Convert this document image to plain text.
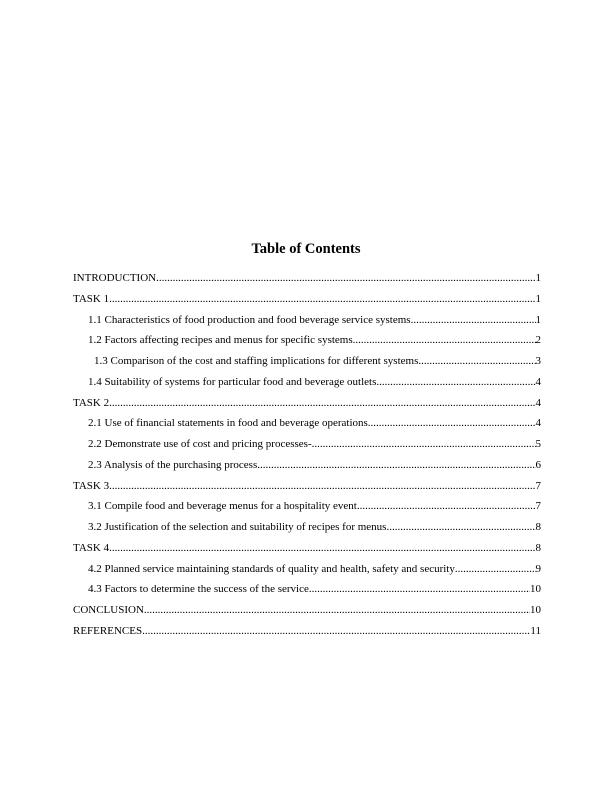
Table of Contents
INTRODUCTION .....	1
TASK 1 .....	1
1.1 Characteristics of food production and food beverage service systems .....	1
1.2 Factors affecting recipes and menus for specific systems .....	2
1.3 Comparison of the cost and staffing implications for different systems .....	3
1.4 Suitability of systems for particular food and beverage outlets .....	4
TASK 2 .....	4
2.1 Use of financial statements in food and beverage operations .....	4
2.2 Demonstrate use of cost and pricing processes- .....	5
2.3 Analysis of the purchasing process .....	6
TASK 3 .....	7
3.1 Compile food and beverage menus for a hospitality event .....	7
3.2 Justification of the selection and suitability of recipes for menus .....	8
TASK 4 .....	8
4.2 Planned service maintaining standards of quality and health, safety and security .....	9
4.3 Factors to determine the success of the service .....	10
CONCLUSION .....	10
REFERENCES .....	11
